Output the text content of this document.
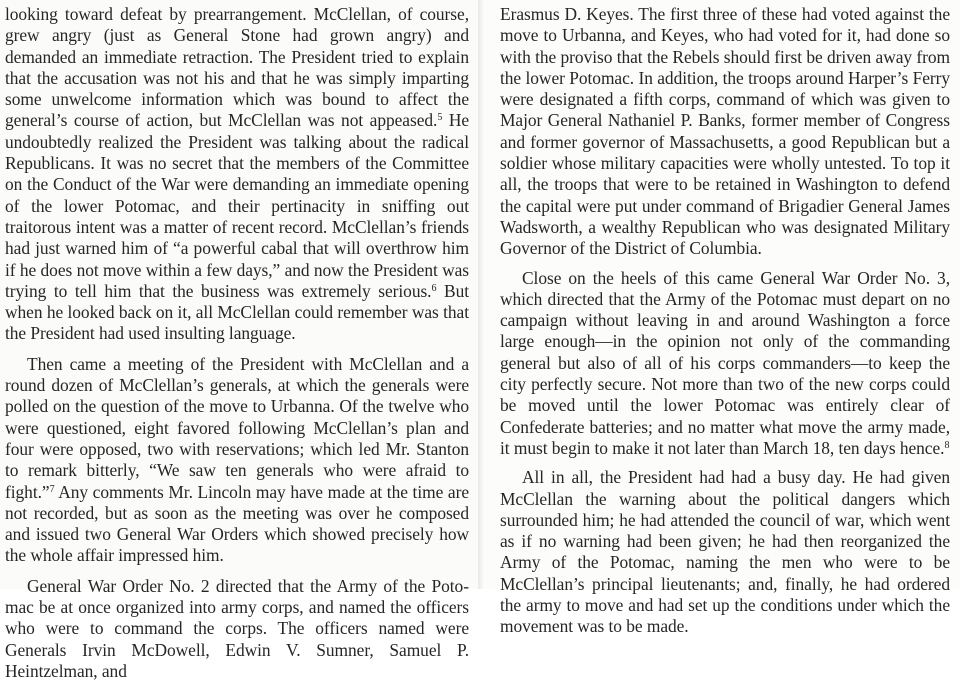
looking toward defeat by prearrangement. McClellan, of course, grew angry (just as General Stone had grown angry) and demanded an immediate retraction. The President tried to explain that the accusation was not his and that he was simply imparting some unwelcome information which was bound to affect the general’s course of action, but McClellan was not appeased.$^5$ He undoubtedly realized the President was talking about the radical Republicans. It was no secret that the members of the Committee on the Conduct of the War were demanding an immediate opening of the lower Potomac, and their pertinacity in sniffing out traitorous intent was a matter of recent record. McClellan’s friends had just warned him of “a powerful cabal that will overthrow him if he does not move within a few days,” and now the President was trying to tell him that the business was extremely serious.$^6$ But when he looked back on it, all McClellan could remember was that the President had used insulting language.

Then came a meeting of the President with McClellan and a round dozen of McClellan’s generals, at which the generals were polled on the question of the move to Urbanna. Of the twelve who were questioned, eight favored following McClellan’s plan and four were opposed, two with reservations; which led Mr. Stanton to remark bitterly, “We saw ten generals who were afraid to fight.”$^7$ Any comments Mr. Lincoln may have made at the time are not recorded, but as soon as the meeting was over he composed and issued two General War Orders which showed precisely how the whole affair impressed him.

General War Order No. 2 directed that the Army of the Potomac be at once organized into army corps, and named the officers who were to command the corps. The officers named were Generals Irvin McDowell, Edwin V. Sumner, Samuel P. Heintzelman, and

Erasmus D. Keyes. The first three of these had voted against the move to Urbanna, and Keyes, who had voted for it, had done so with the proviso that the Rebels should first be driven away from the lower Potomac. In addition, the troops around Harper’s Ferry were designated a fifth corps, command of which was given to Major General Nathaniel P. Banks, former member of Congress and former governor of Massachusetts, a good Republican but a soldier whose military capacities were wholly untested. To top it all, the troops that were to be retained in Washington to defend the capital were put under command of Brigadier General James Wadsworth, a wealthy Republican who was designated Military Governor of the District of Columbia.

Close on the heels of this came General War Order No. 3, which directed that the Army of the Potomac must depart on no campaign without leaving in and around Washington a force large enough—in the opinion not only of the commanding general but also of all of his corps commanders—to keep the city perfectly secure. Not more than two of the new corps could be moved until the lower Potomac was entirely clear of Confederate batteries; and no matter what move the army made, it must begin to make it not later than March 18, ten days hence.$^8$

All in all, the President had had a busy day. He had given McClellan the warning about the political dangers which surrounded him; he had attended the council of war, which went as if no warning had been given; he had then reorganized the Army of the Potomac, naming the men who were to be McClellan’s principal lieutenants; and, finally, he had ordered the army to move and had set up the conditions under which the movement was to be made.
